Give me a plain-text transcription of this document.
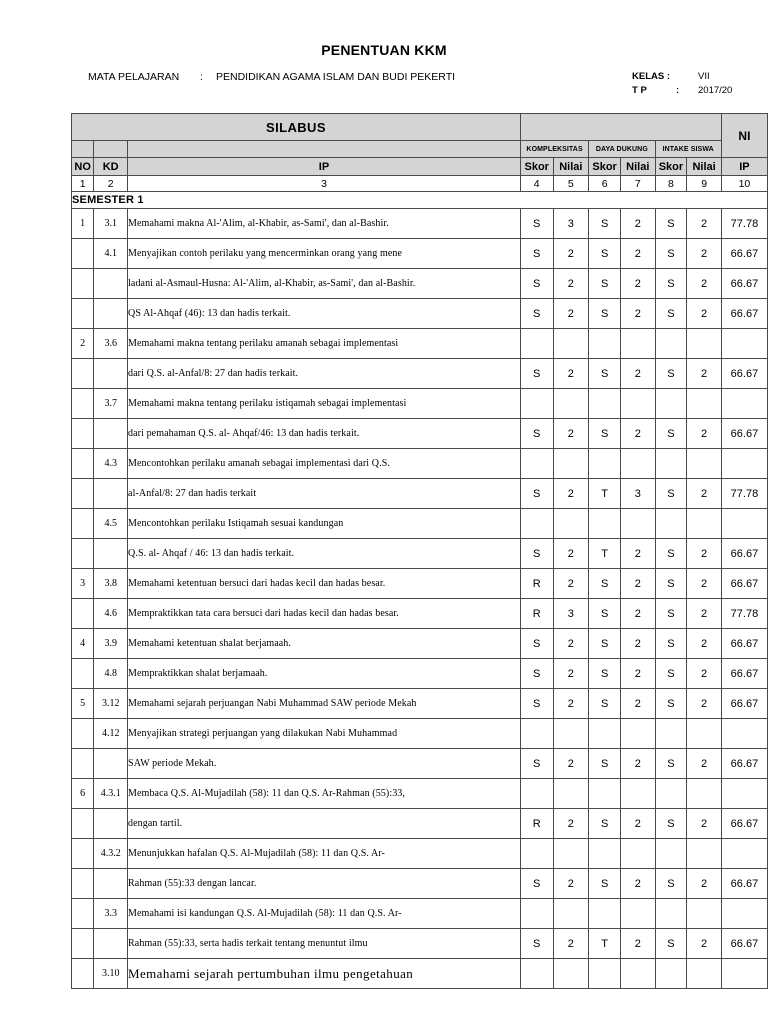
PENENTUAN KKM
MATA PELAJARAN : PENDIDIKAN AGAMA ISLAM DAN BUDI PEKERTI	KELAS :	VII
T P	: 2017/20
SILABUS									NI
			KOMPLEKSITAS		DAYA DUKUNG		INTAKE SISWA		
NO	KD	IP	Skor	Nilai	Skor	Nilai	Skor	Nilai	IP
1	2	3	4	5	6	7	8	9	10
SEMESTER 1									
1	3.1	Memahami makna Al-'Alim, al-Khabir, as-Sami', dan al-Bashir.	S	3	S	2	S	2	77.78
	4.1	Menyajikan contoh perilaku yang mencerminkan orang yang mene	S	2	S	2	S	2	66.67
		ladani al-Asmaul-Husna: Al-'Alim, al-Khabir, as-Sami', dan al-Bashir.	S	2	S	2	S	2	66.67
		QS Al-Ahqaf (46): 13 dan hadis terkait.	S	2	S	2	S	2	66.67
2	3.6	Memahami makna tentang perilaku amanah sebagai implementasi							
		dari Q.S. al-Anfal/8: 27 dan hadis terkait.	S	2	S	2	S	2	66.67
	3.7	Memahami makna tentang perilaku istiqamah sebagai implementasi							
		dari pemahaman Q.S. al- Ahqaf/46: 13 dan hadis terkait.	S	2	S	2	S	2	66.67
	4.3	Mencontohkan perilaku amanah sebagai implementasi dari Q.S.							
		al-Anfal/8: 27 dan hadis terkait	S	2	T	3	S	2	77.78
	4.5	Mencontohkan perilaku Istiqamah sesuai kandungan							
		Q.S. al- Ahqaf / 46: 13 dan hadis terkait.	S	2	T	2	S	2	66.67
3	3.8	Memahami ketentuan bersuci dari hadas kecil dan hadas besar.	R	2	S	2	S	2	66.67
	4.6	Mempraktikkan tata cara bersuci dari hadas kecil dan hadas besar.	R	3	S	2	S	2	77.78
4	3.9	Memahami ketentuan shalat berjamaah.	S	2	S	2	S	2	66.67
	4.8	Mempraktikkan shalat berjamaah.	S	2	S	2	S	2	66.67
5	3.12	Memahami sejarah perjuangan Nabi Muhammad SAW periode Mekah	S	2	S	2	S	2	66.67
	4.12	Menyajikan strategi perjuangan yang dilakukan Nabi Muhammad							
		SAW periode Mekah.	S	2	S	2	S	2	66.67
6	4.3.1	Membaca Q.S. Al-Mujadilah (58): 11 dan Q.S. Ar-Rahman (55):33,							
		dengan tartil.	R	2	S	2	S	2	66.67
	4.3.2	Menunjukkan hafalan Q.S. Al-Mujadilah (58): 11 dan Q.S. Ar-							
		Rahman (55):33 dengan lancar.	S	2	S	2	S	2	66.67
	3.3	Memahami isi kandungan Q.S. Al-Mujadilah (58): 11 dan Q.S. Ar-							
		Rahman (55):33, serta hadis terkait tentang menuntut ilmu	S	2	T	2	S	2	66.67
	3.10	Memahami sejarah pertumbuhan ilmu pengetahuan							
